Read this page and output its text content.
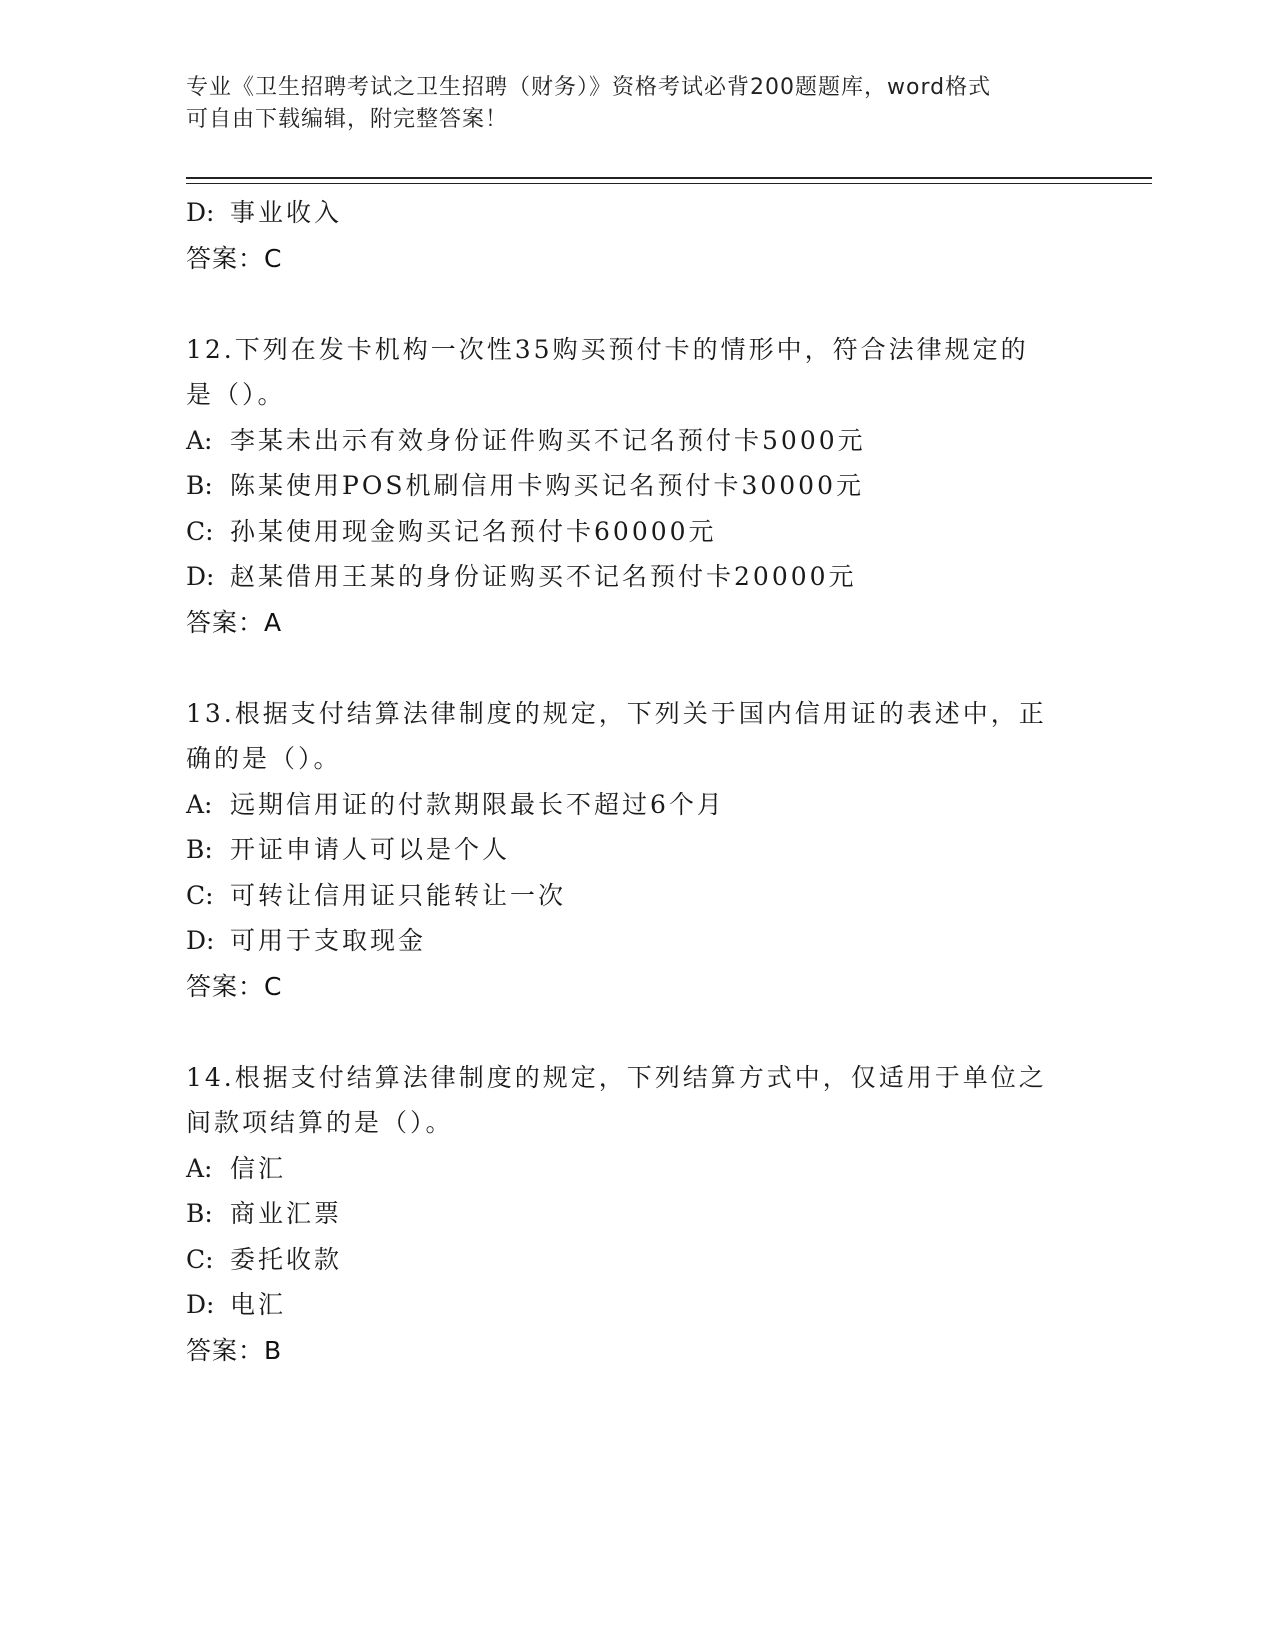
专业《卫生招聘考试之卫生招聘（财务）》资格考试必背200题题库，word格式
可自由下载编辑，附完整答案！
D: 事业收入
答案：C
12.下列在发卡机构一次性35购买预付卡的情形中，符合法律规定的
是（）。
A: 李某未出示有效身份证件购买不记名预付卡5000元
B: 陈某使用POS机刷信用卡购买记名预付卡30000元
C: 孙某使用现金购买记名预付卡60000元
D: 赵某借用王某的身份证购买不记名预付卡20000元
答案：A
13.根据支付结算法律制度的规定，下列关于国内信用证的表述中，正
确的是（）。
A: 远期信用证的付款期限最长不超过6个月
B: 开证申请人可以是个人
C: 可转让信用证只能转让一次
D: 可用于支取现金
答案：C
14.根据支付结算法律制度的规定，下列结算方式中，仅适用于单位之
间款项结算的是（）。
A: 信汇
B: 商业汇票
C: 委托收款
D: 电汇
答案：B
